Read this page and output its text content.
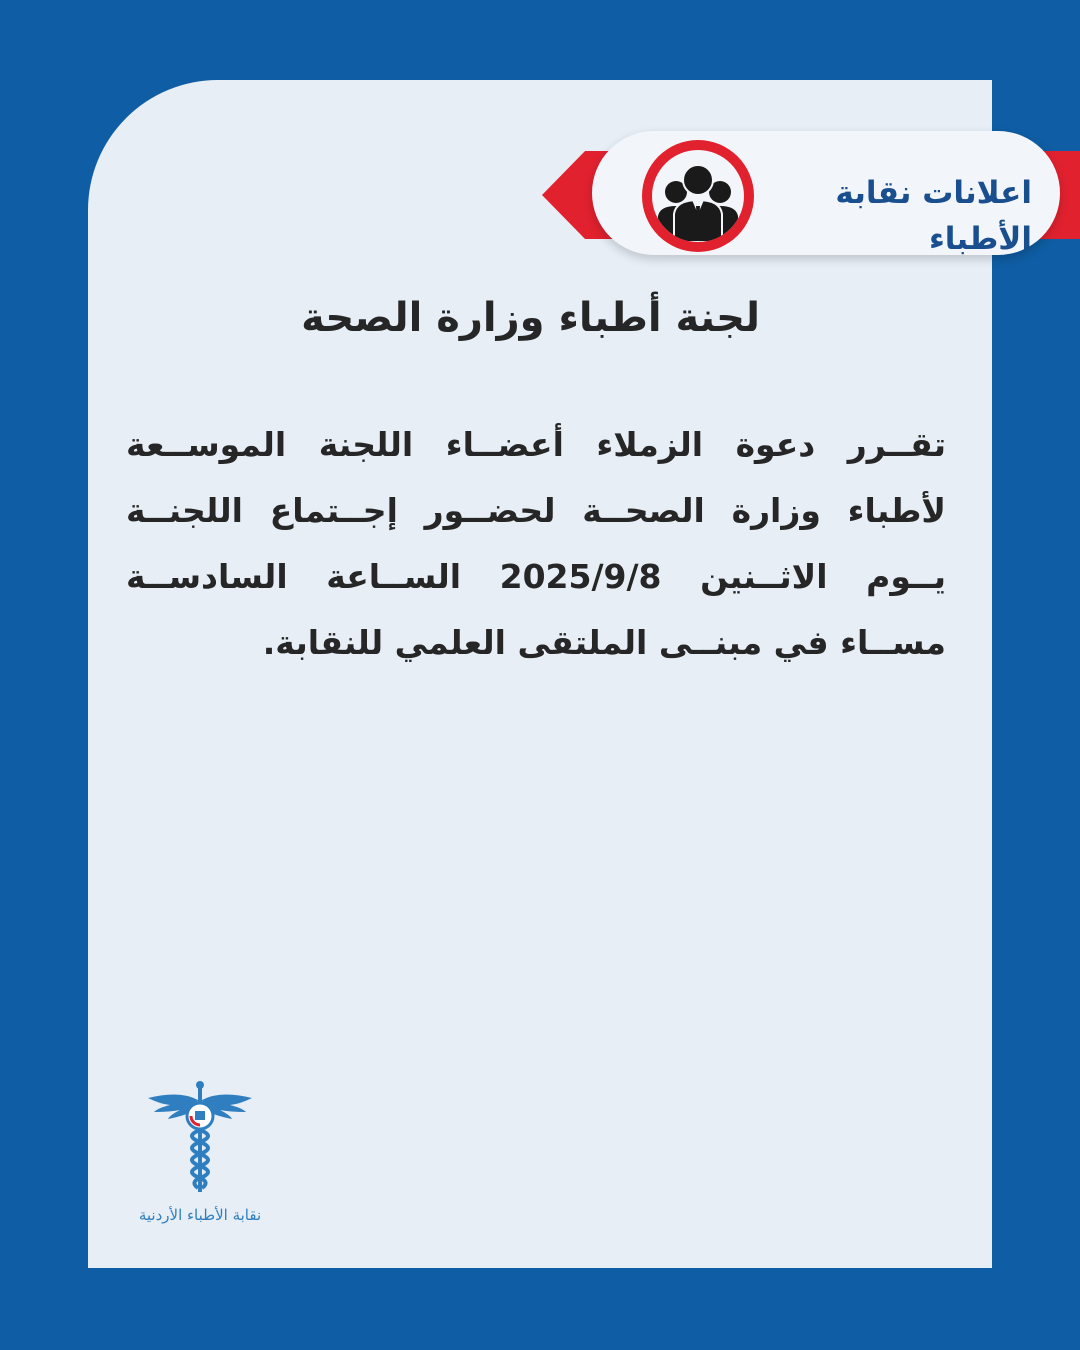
اعلانات نقابة الأطباء
لجنة أطباء وزارة الصحة
تقــرر دعوة الزملاء أعضــاء اللجنة الموســعة لأطباء وزارة الصحــة لحضــور إجــتماع اللجنــة يــوم الاثــنين 2025/9/8 الســاعة السادســة مســاء في مبنــى الملتقى العلمي للنقابة.
نقابة الأطباء الأردنية
